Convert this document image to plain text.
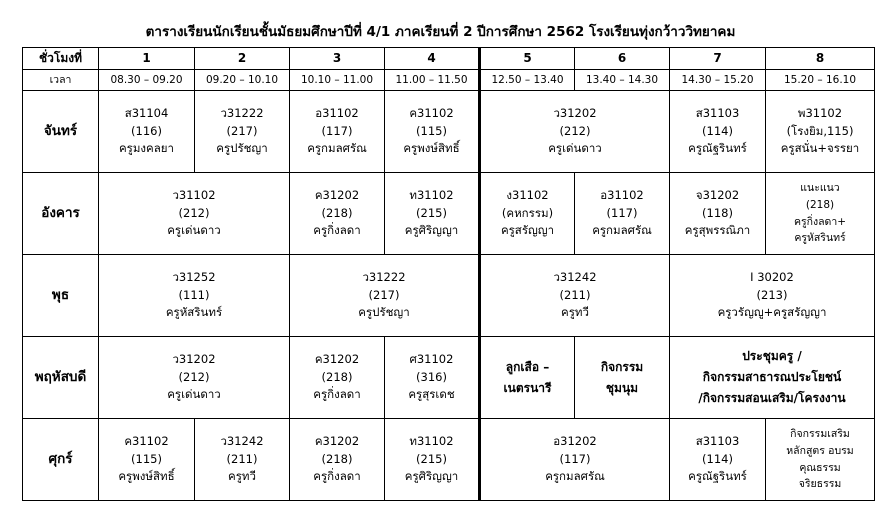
ตารางเรียนนักเรียนชั้นมัธยมศึกษาปีที่ 4/1 ภาคเรียนที่ 2 ปีการศึกษา 2562 โรงเรียนทุ่งกว้าววิทยาคม
ชั่วโมงที่	1	2	3	4	5	6	7	8
เวลา	08.30 – 09.20	09.20 – 10.10	10.10 – 11.00	11.00 – 11.50	12.50 – 13.40	13.40 – 14.30	14.30 – 15.20	15.20 – 16.10
จันทร์	ส31104
(116)
ครูมงคลยา	ว31222
(217)
ครูปรัชญา	อ31102
(117)
ครูกมลศรัณ	ค31102
(115)
ครูพงษ์สิทธิ์	ว31202
(212)
ครูเด่นดาว		ส31103
(114)
ครูณัฐรินทร์	พ31102
(โรงยิม,115)
ครูสนั่น+จรรยา

อังคาร	ว31102
(212)
ครูเด่นดาว		ค31202
(218)
ครูกิ่งลดา	ท31102
(215)
ครูศิริญญา	ง31102
(คหกรรม)
ครูสรัญญา	อ31102
(117)
ครูกมลศรัณ	จ31202
(118)
ครูสุพรรณิภา	แนะแนว
(218)
ครูกิ่งลดา+
ครูหัสรินทร์

พุธ	ว31252
(111)
ครูหัสรินทร์		ว31222
(217)
ครูปรัชญา		ว31242
(211)
ครูทวี		I 30202
(213)
ครูวรัญญู+ครูสรัญญา	

พฤหัสบดี	ว31202
(212)
ครูเด่นดาว		ค31202
(218)
ครูกิ่งลดา	ศ31102
(316)
ครูสุรเดช	ลูกเสือ –
เนตรนารี	กิจกรรม
ชุมนุม	ประชุมครู /
กิจกรรมสาธารณประโยชน์
/กิจกรรมสอนเสริม/โครงงาน	

ศุกร์	ค31102
(115)
ครูพงษ์สิทธิ์	ว31242
(211)
ครูทวี	ค31202
(218)
ครูกิ่งลดา	ท31102
(215)
ครูศิริญญา	อ31202
(117)
ครูกมลศรัณ		ส31103
(114)
ครูณัฐรินทร์	กิจกรรมเสริม
หลักสูตร อบรม
คุณธรรม
จริยธรรม
